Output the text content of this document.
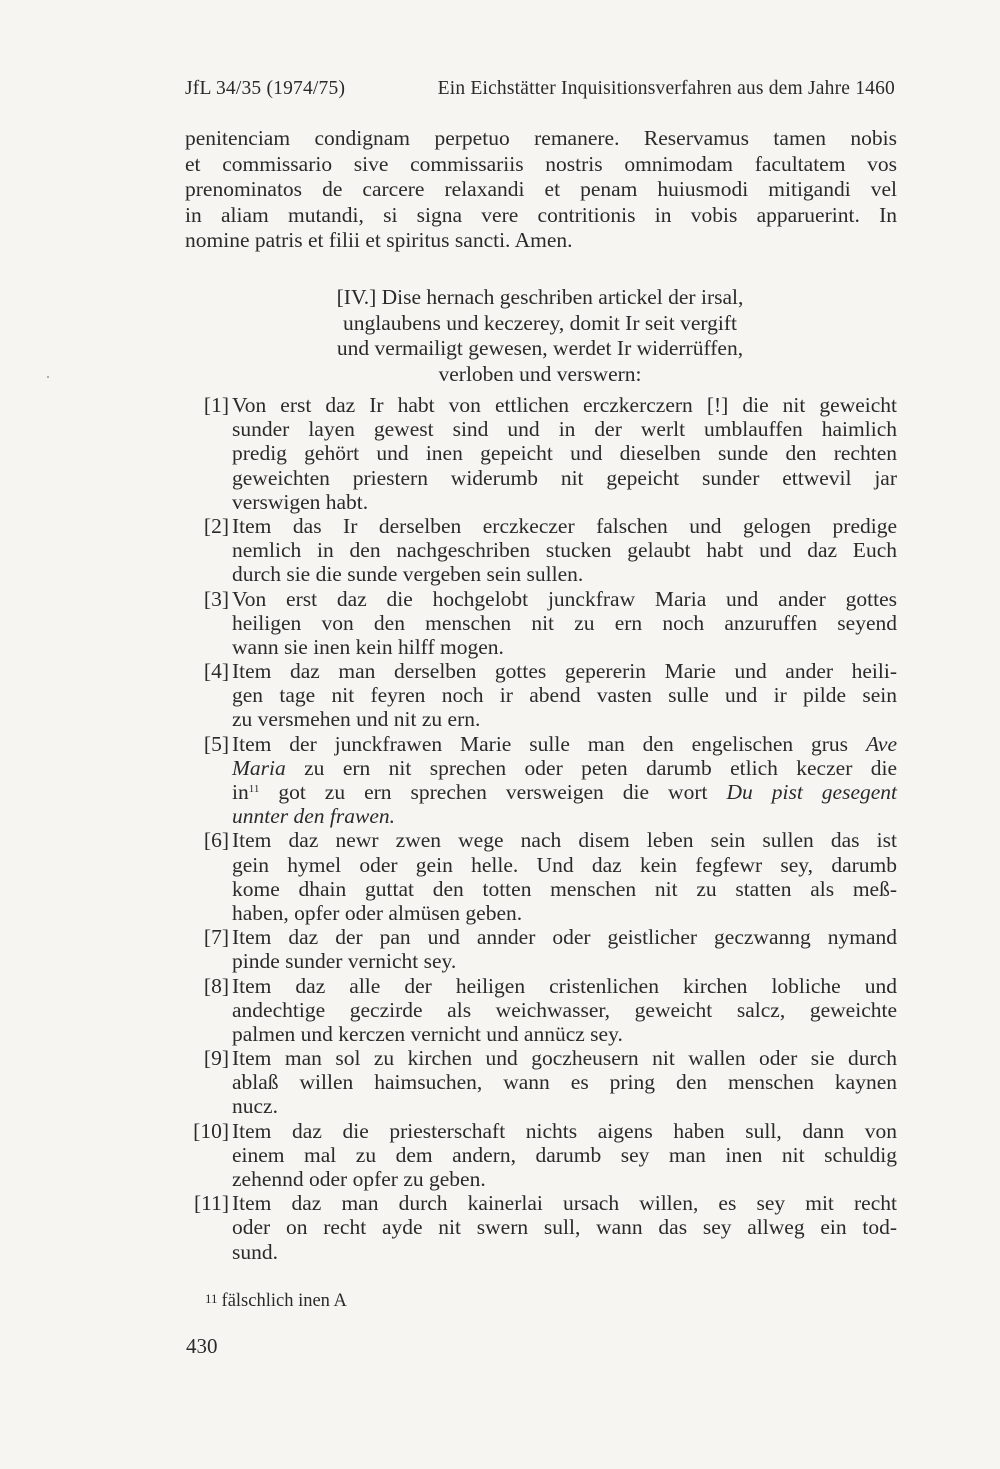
JfL 34/35 (1974/75)	Ein Eichstätter Inquisitionsverfahren aus dem Jahre 1460
penitenciam condignam perpetuo remanere. Reservamus tamen nobis
et commissario sive commissariis nostris omnimodam facultatem vos
prenominatos de carcere relaxandi et penam huiusmodi mitigandi vel
in aliam mutandi, si signa vere contritionis in vobis apparuerint. In
nomine patris et filii et spiritus sancti. Amen.
[IV.] Dise hernach geschriben artickel der irsal,
unglaubens und keczerey, domit Ir seit vergift
und vermailigt gewesen, werdet Ir widerrüffen,
verloben und verswern:
[1] Von erst daz Ir habt von ettlichen erczkerczern [!] die nit geweicht
sunder layen gewest sind und in der werlt umblauffen haimlich
predig gehört und inen gepeicht und dieselben sunde den rechten
geweichten priestern widerumb nit gepeicht sunder ettwevil jar
verswigen habt.
[2] Item das Ir derselben erczkeczer falschen und gelogen predige
nemlich in den nachgeschriben stucken gelaubt habt und daz Euch
durch sie die sunde vergeben sein sullen.
[3] Von erst daz die hochgelobt junckfraw Maria und ander gottes
heiligen von den menschen nit zu ern noch anzuruffen seyend
wann sie inen kein hilff mogen.
[4] Item daz man derselben gottes gepererin Marie und ander heili-
gen tage nit feyren noch ir abend vasten sulle und ir pilde sein
zu versmehen und nit zu ern.
[5] Item der junckfrawen Marie sulle man den engelischen grus Ave
Maria zu ern nit sprechen oder peten darumb etlich keczer die
$in^{11}$ got zu ern sprechen versweigen die wort Du pist gesegent
unnter den frawen.
[6] Item daz newr zwen wege nach disem leben sein sullen das ist
gein hymel oder gein helle. Und daz kein fegfewr sey, darumb
kome dhain guttat den totten menschen nit zu statten als meß-
haben, opfer oder almüsen geben.
[7] Item daz der pan und annder oder geistlicher geczwanng nymand
pinde sunder vernicht sey.
[8] Item daz alle der heiligen cristenlichen kirchen lobliche und
andechtige geczirde als weichwasser, geweicht salcz, geweichte
palmen und kerczen vernicht und annücz sey.
[9] Item man sol zu kirchen und goczheusern nit wallen oder sie durch
ablaß willen haimsuchen, wann es pring den menschen kaynen
nucz.
[10] Item daz die priesterschaft nichts aigens haben sull, dann von
einem mal zu dem andern, darumb sey man inen nit schuldig
zehennd oder opfer zu geben.
[11] Item daz man durch kainerlai ursach willen, es sey mit recht
oder on recht ayde nit swern sull, wann das sey allweg ein tod-
sund.
11 fälschlich inen A
430
